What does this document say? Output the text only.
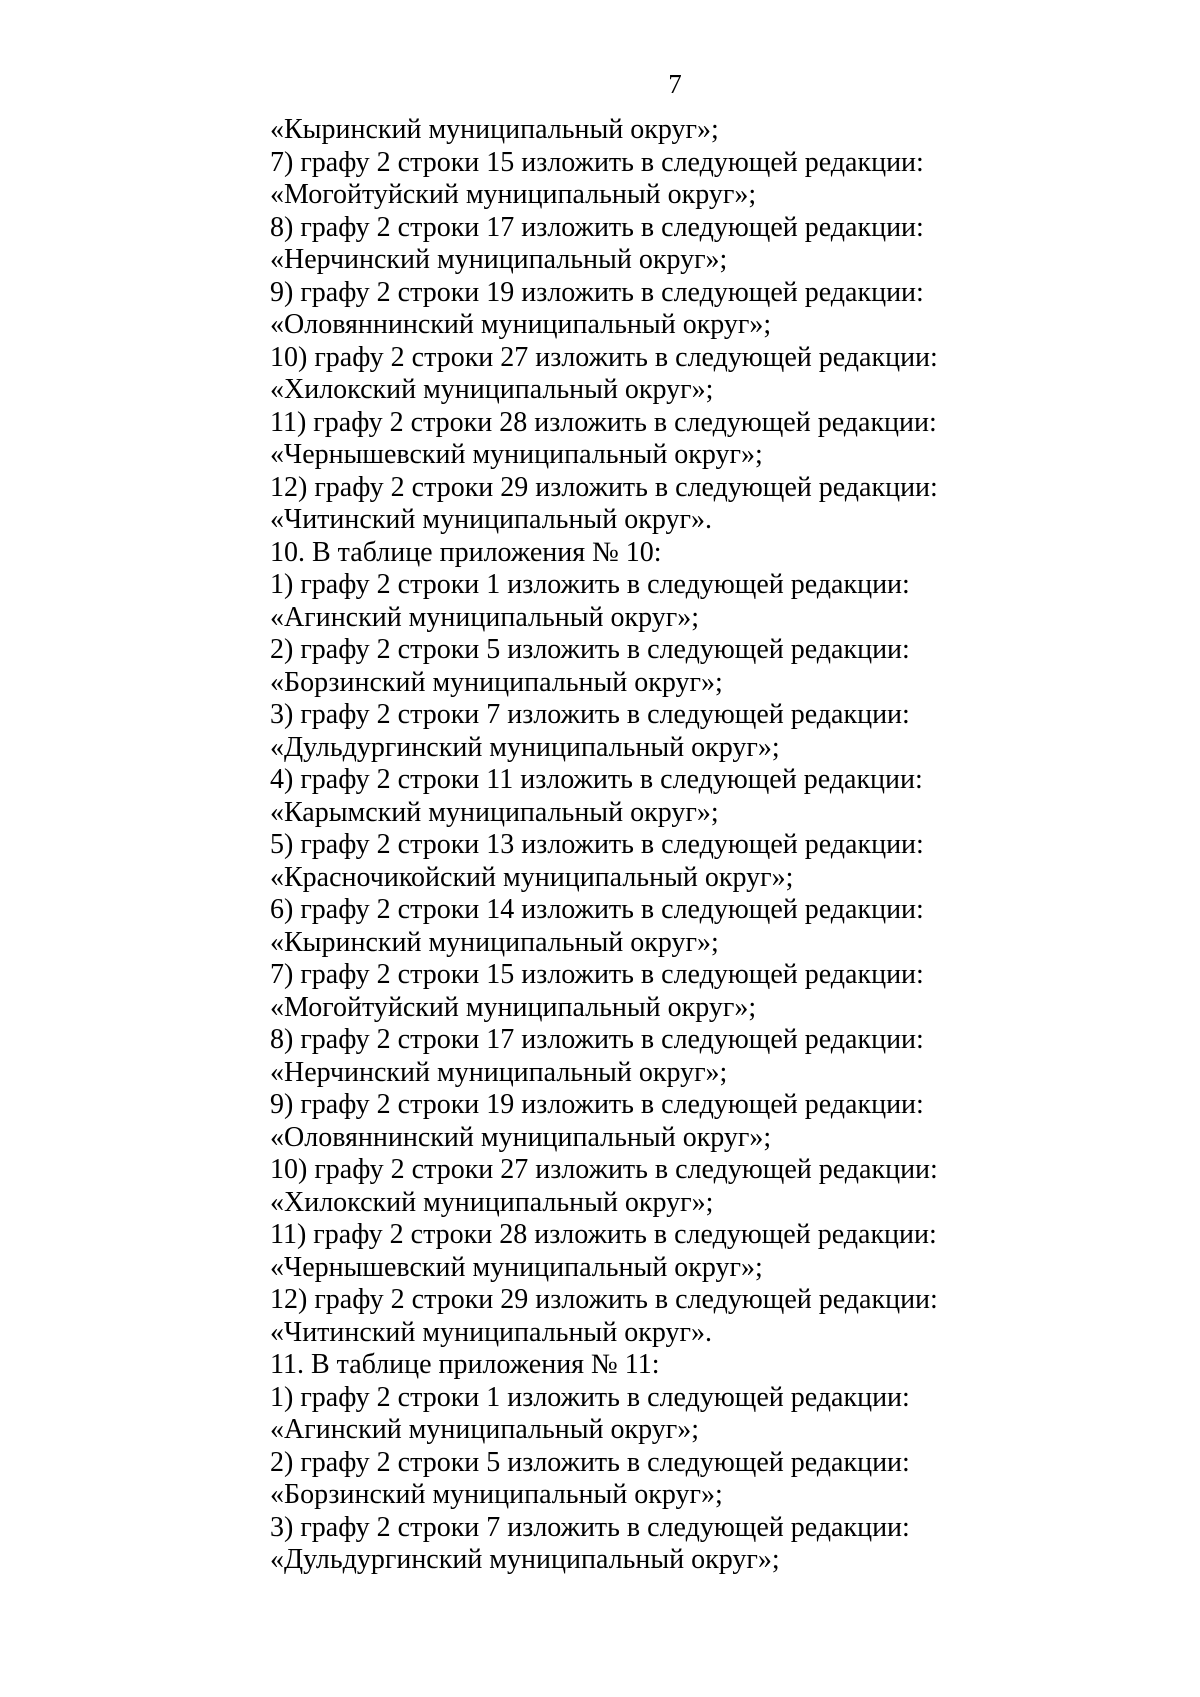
7
«Кыринский муниципальный округ»;
7) графу 2 строки 15 изложить в следующей редакции:
«Могойтуйский муниципальный округ»;
8) графу 2 строки 17 изложить в следующей редакции:
«Нерчинский муниципальный округ»;
9) графу 2 строки 19 изложить в следующей редакции:
«Оловяннинский муниципальный округ»;
10) графу 2 строки 27 изложить в следующей редакции:
«Хилокский муниципальный округ»;
11) графу 2 строки 28 изложить в следующей редакции:
«Чернышевский муниципальный округ»;
12) графу 2 строки 29 изложить в следующей редакции:
«Читинский муниципальный округ».
10. В таблице приложения № 10:
1) графу 2 строки 1 изложить в следующей редакции:
«Агинский муниципальный округ»;
2) графу 2 строки 5 изложить в следующей редакции:
«Борзинский муниципальный округ»;
3) графу 2 строки 7 изложить в следующей редакции:
«Дульдургинский муниципальный округ»;
4) графу 2 строки 11 изложить в следующей редакции:
«Карымский муниципальный округ»;
5) графу 2 строки 13 изложить в следующей редакции:
«Красночикойский муниципальный округ»;
6) графу 2 строки 14 изложить в следующей редакции:
«Кыринский муниципальный округ»;
7) графу 2 строки 15 изложить в следующей редакции:
«Могойтуйский муниципальный округ»;
8) графу 2 строки 17 изложить в следующей редакции:
«Нерчинский муниципальный округ»;
9) графу 2 строки 19 изложить в следующей редакции:
«Оловяннинский муниципальный округ»;
10) графу 2 строки 27 изложить в следующей редакции:
«Хилокский муниципальный округ»;
11) графу 2 строки 28 изложить в следующей редакции:
«Чернышевский муниципальный округ»;
12) графу 2 строки 29 изложить в следующей редакции:
«Читинский муниципальный округ».
11. В таблице приложения № 11:
1) графу 2 строки 1 изложить в следующей редакции:
«Агинский муниципальный округ»;
2) графу 2 строки 5 изложить в следующей редакции:
«Борзинский муниципальный округ»;
3) графу 2 строки 7 изложить в следующей редакции:
«Дульдургинский муниципальный округ»;
